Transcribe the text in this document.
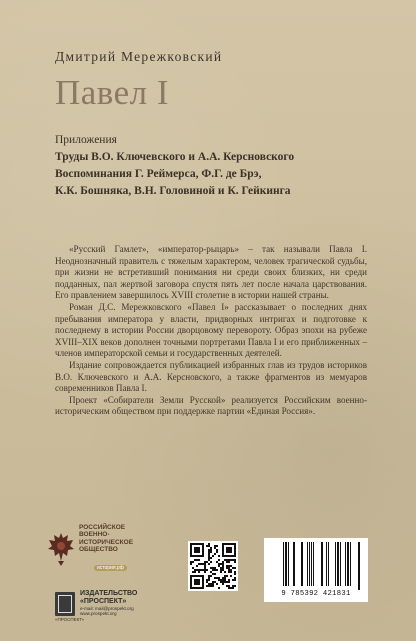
Дмитрий Мережковский
Павел I
Приложения
Труды В.О. Ключевского и А.А. Керсновского
Воспоминания Г. Реймерса, Ф.Г. де Брэ,
К.К. Бошняка, В.Н. Головиной и К. Гейкинга

«Русский Гамлет», «император-рыцарь» – так называли Павла I. Неоднозначный правитель с тяжелым характером, человек трагической судьбы, при жизни не встретивший понимания ни среди своих близких, ни среди подданных, пал жертвой заговора спустя пять лет после начала царствования. Его правлением завершилось XVIII столетие в истории нашей страны.

Роман Д.С. Мережковского «Павел I» рассказывает о последних днях пребывания императора у власти, придворных интригах и подготовке к последнему в истории России дворцовому перевороту. Образ эпохи на рубеже XVIII–XIX веков дополнен точными портретами Павла I и его приближенных – членов императорской семьи и государственных деятелей.

Издание сопровождается публикацией избранных глав из трудов историков В.О. Ключевского и А.А. Керсновского, а также фрагментов из мемуаров современников Павла I.

Проект «Собиратели Земли Русской» реализуется Российским военно-историческим обществом при поддержке партии «Единая Россия».

РОССИЙСКОЕ
ВОЕННО-
ИСТОРИЧЕСКОЕ
ОБЩЕСТВО
история.рф
«ПРОСПЕКТ»
ИЗДАТЕЛЬСТВО
«ПРОСПЕКТ»
e-mail: mail@prospekt.org
www.prospekt.org
9 785392 421831
